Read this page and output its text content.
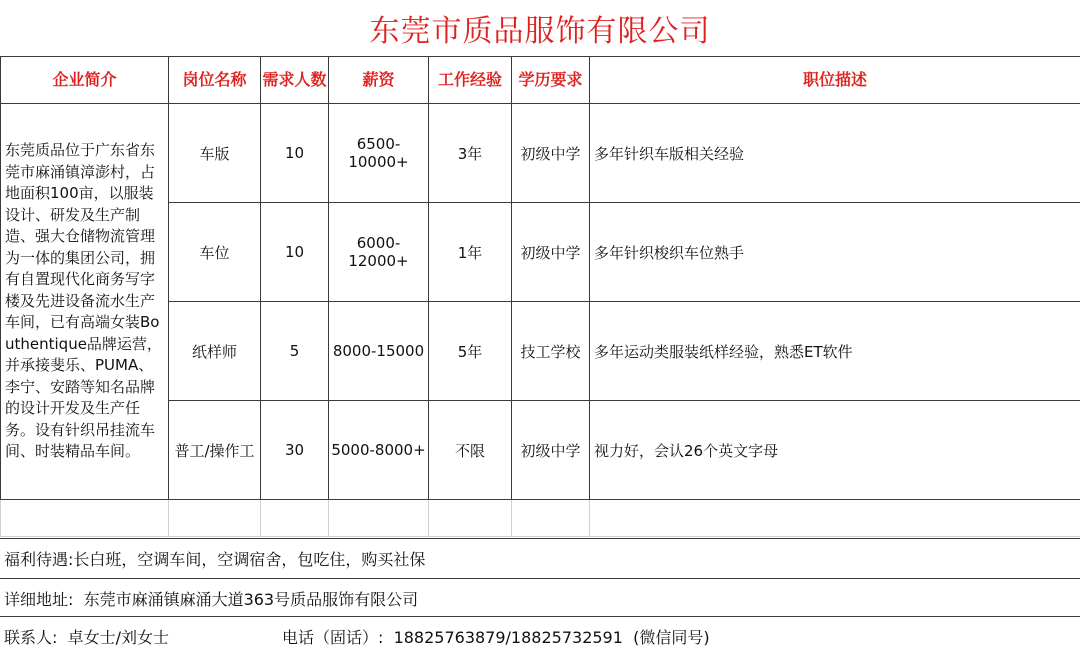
东莞市质品服饰有限公司
企业简介	岗位名称	需求人数	薪资	工作经验	学历要求	职位描述
东莞质品位于广东省东莞市麻涌镇漳澎村，占地面积100亩，以服装设计、研发及生产制造、强大仓储物流管理为一体的集团公司，拥有自置现代化商务写字楼及先进设备流水生产车间，已有高端女装Bouthentique品牌运营，并承接斐乐、PUMA、李宁、安踏等知名品牌的设计开发及生产任务。设有针织吊挂流车间、时装精品车间。	车版	10	6500-10000+	3年	初级中学	多年针织车版相关经验
	车位	10	6000-12000+	1年	初级中学	多年针织梭织车位熟手
	纸样师	5	8000-15000	5年	技工学校	多年运动类服装纸样经验，熟悉ET软件
	普工/操作工	30	5000-8000+	不限	初级中学	视力好，会认26个英文字母

福利待遇:长白班，空调车间，空调宿舍，包吃住，购买社保
详细地址:  东莞市麻涌镇麻涌大道363号质品服饰有限公司
联系人:  卓女士/刘女士	电话（固话）:  18825763879/18825732591  (微信同号)
